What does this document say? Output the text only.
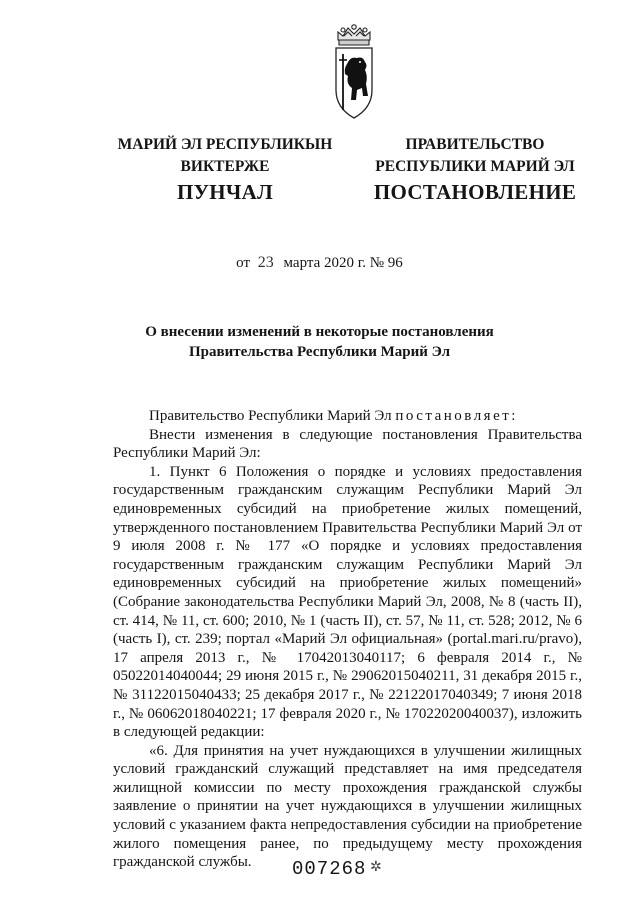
МАРИЙ ЭЛ РЕСПУБЛИКЫН
ВИКТЕРЖЕ
ПУНЧАЛ
ПРАВИТЕЛЬСТВО
РЕСПУБЛИКИ МАРИЙ ЭЛ
ПОСТАНОВЛЕНИЕ
от 23 марта 2020 г. № 96
О внесении изменений в некоторые постановления
Правительства Республики Марий Эл

Правительство Республики Марий Эл постановляет:

Внести изменения в следующие постановления Правительства Республики Марий Эл:

1. Пункт 6 Положения о порядке и условиях предоставления государственным гражданским служащим Республики Марий Эл единовременных субсидий на приобретение жилых помещений, утвержденного постановлением Правительства Республики Марий Эл от 9 июля 2008 г. № 177 «О порядке и условиях предоставления государственным гражданским служащим Республики Марий Эл единовременных субсидий на приобретение жилых помещений» (Собрание законодательства Республики Марий Эл, 2008, № 8 (часть II), ст. 414, № 11, ст. 600; 2010, № 1 (часть II), ст. 57, № 11, ст. 528; 2012, № 6 (часть I), ст. 239; портал «Марий Эл официальная» (portal.mari.ru/pravo), 17 апреля 2013 г., № 17042013040117; 6 февраля 2014 г., № 05022014040044; 29 июня 2015 г., № 29062015040211, 31 декабря 2015 г., № 31122015040433; 25 декабря 2017 г., № 22122017040349; 7 июня 2018 г., № 06062018040221; 17 февраля 2020 г., № 17022020040037), изложить в следующей редакции:

«6. Для принятия на учет нуждающихся в улучшении жилищных условий гражданский служащий представляет на имя председателя жилищной комиссии по месту прохождения гражданской службы заявление о принятии на учет нуждающихся в улучшении жилищных условий с указанием факта непредоставления субсидии на приобретение жилого помещения ранее, по предыдущему месту прохождения гражданской службы.	007268 ✲
